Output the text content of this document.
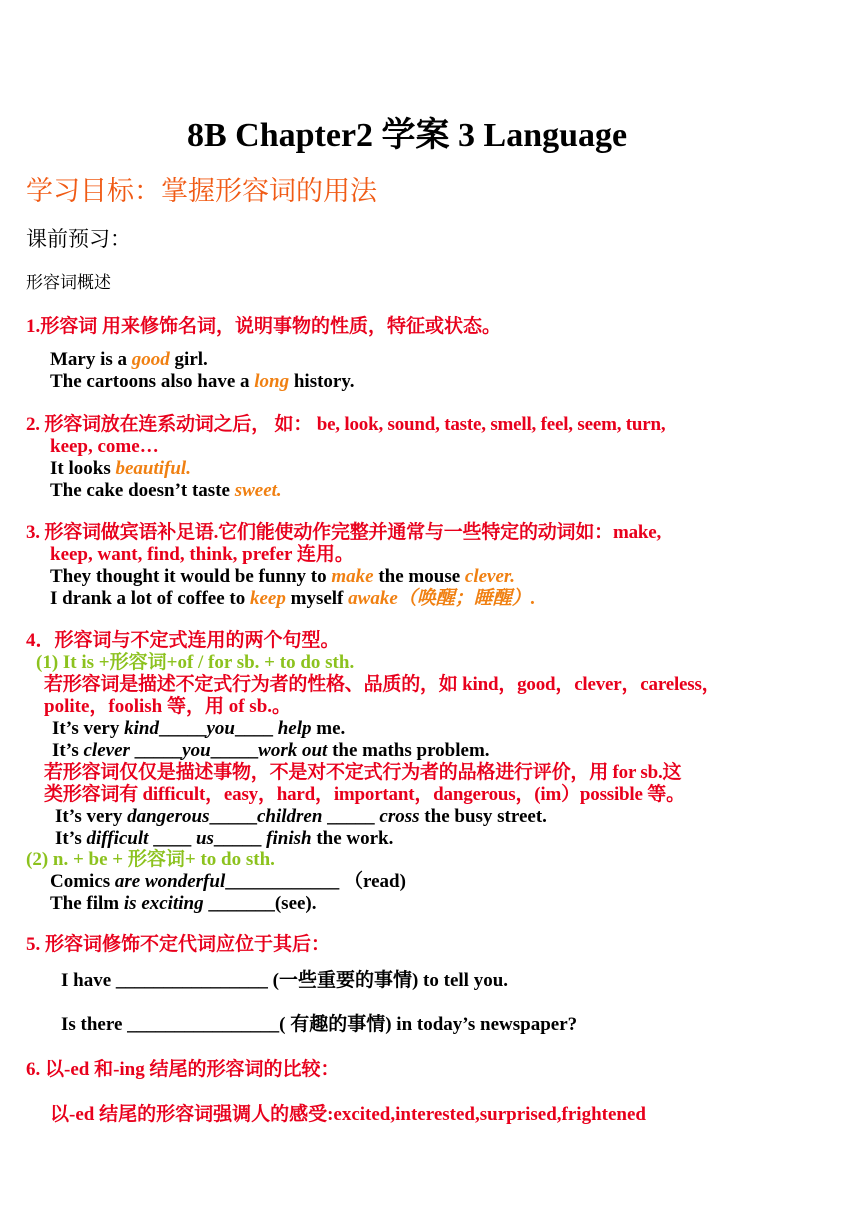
8B Chapter2 学案 3 Language
学习目标：掌握形容词的用法
课前预习：
形容词概述
1.形容词 用来修饰名词，说明事物的性质，特征或状态。
Mary is a good girl.
The cartoons also have a long history.
2. 形容词放在连系动词之后， 如： be, look, sound, taste, smell, feel, seem, turn,
keep, come…
It looks beautiful.
The cake doesn’t taste sweet.
3. 形容词做宾语补足语.它们能使动作完整并通常与一些特定的动词如：make,
keep, want, find, think, prefer 连用。
They thought it would be funny to make the mouse clever.
I drank a lot of coffee to keep myself awake（唤醒；睡醒）.
4．形容词与不定式连用的两个句型。
(1) It is +形容词+of / for sb. + to do sth.
若形容词是描述不定式行为者的性格、品质的，如 kind，good，clever，careless，
polite，foolish 等，用 of sb.。
It’s very kind_____you____ help me.
It’s clever _____you_____work out the maths problem.
若形容词仅仅是描述事物，不是对不定式行为者的品格进行评价，用 for sb.这
类形容词有 difficult，easy，hard，important，dangerous，(im）possible 等。
It’s very dangerous_____children _____ cross the busy street.
It’s difficult ____ us_____ finish the work.
(2) n. + be + 形容词+ to do sth.
Comics are wonderful____________ （read)
The film is exciting _______(see).
5. 形容词修饰不定代词应位于其后：
I have ________________ (一些重要的事情) to tell you.
Is there ________________( 有趣的事情) in today’s newspaper?
6. 以-ed 和-ing 结尾的形容词的比较：
以-ed 结尾的形容词强调人的感受:excited,interested,surprised,frightened
